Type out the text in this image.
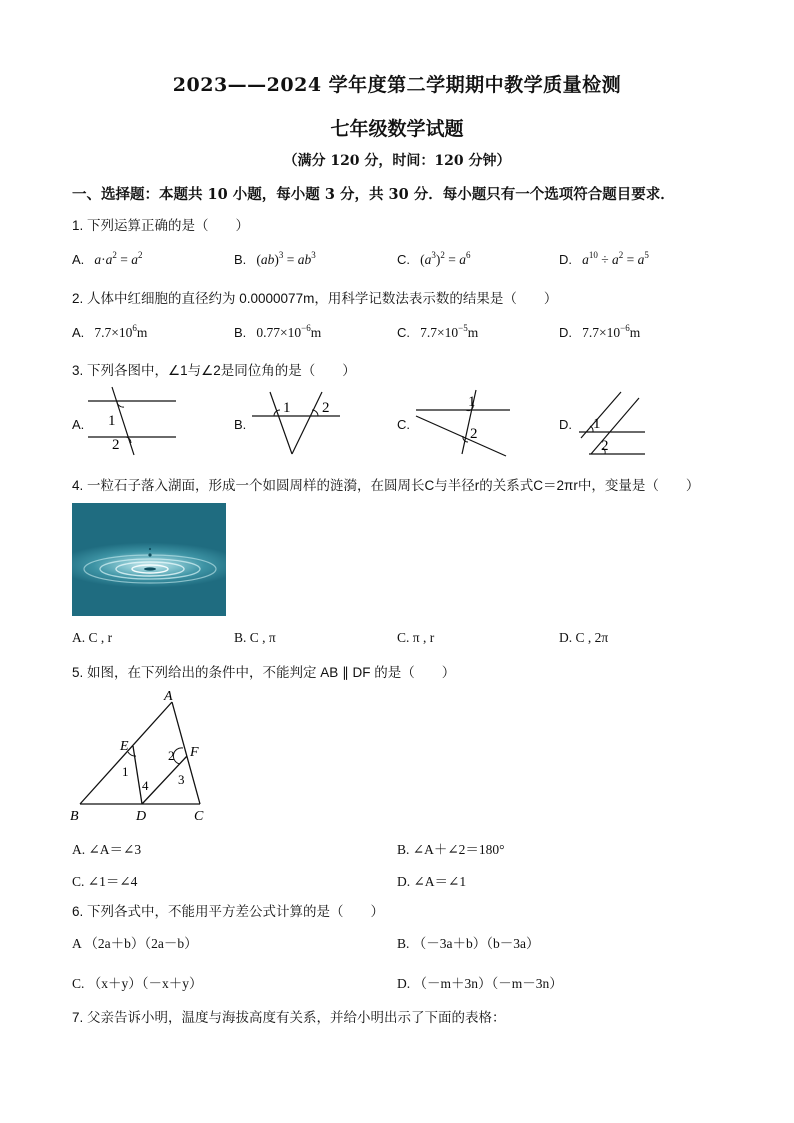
2023——2024 学年度第二学期期中教学质量检测
七年级数学试题
（满分 120 分，时间：120 分钟）
一、选择题：本题共 10 小题，每小题 3 分，共 30 分．每小题只有一个选项符合题目要求．
1. 下列运算正确的是（　　）
A. $a\cdot a^2 = a^2$	B.   $(ab)^3 = ab^3$	C.   $(a^3)^2 = a^6$	D. $a^{10} \div a^2 = a^5$
2. 人体中红细胞的直径约为 0.0000077m，用科学记数法表示数的结果是（　　）
A.   $7.7\times 10^6m$	B.   $0.77\times 10^{-6}m$	C.   $7.7\times 10^{-5}m$	D.   $7.7\times 10^{-6}m$
3. 下列各图中，∠1与∠2是同位角的是（　　）
A.	B.	C.	D.
1
2
1 2	1
2
1
2
4. 一粒石子落入湖面，形成一个如圆周样的涟漪，在圆周长C与半径r的关系式C＝2πr中，变量是（　　）
A. C , r	B. C , π	C. π , r	D. C , 2π
5. 如图，在下列给出的条件中，不能判定 AB ∥ DF 的是（　　）
A
B	C
D
E	F
1
2
3
4
A. ∠A＝∠3	B. ∠A＋∠2＝180°
C. ∠1＝∠4	D. ∠A＝∠1
6. 下列各式中，不能用平方差公式计算的是（　　）
A （2a＋b）（2a－b）	B. （－3a＋b）（b－3a）
C. （x＋y）（－x＋y）	D. （－m＋3n）（－m－3n）
7. 父亲告诉小明，温度与海拔高度有关系，并给小明出示了下面的表格：
